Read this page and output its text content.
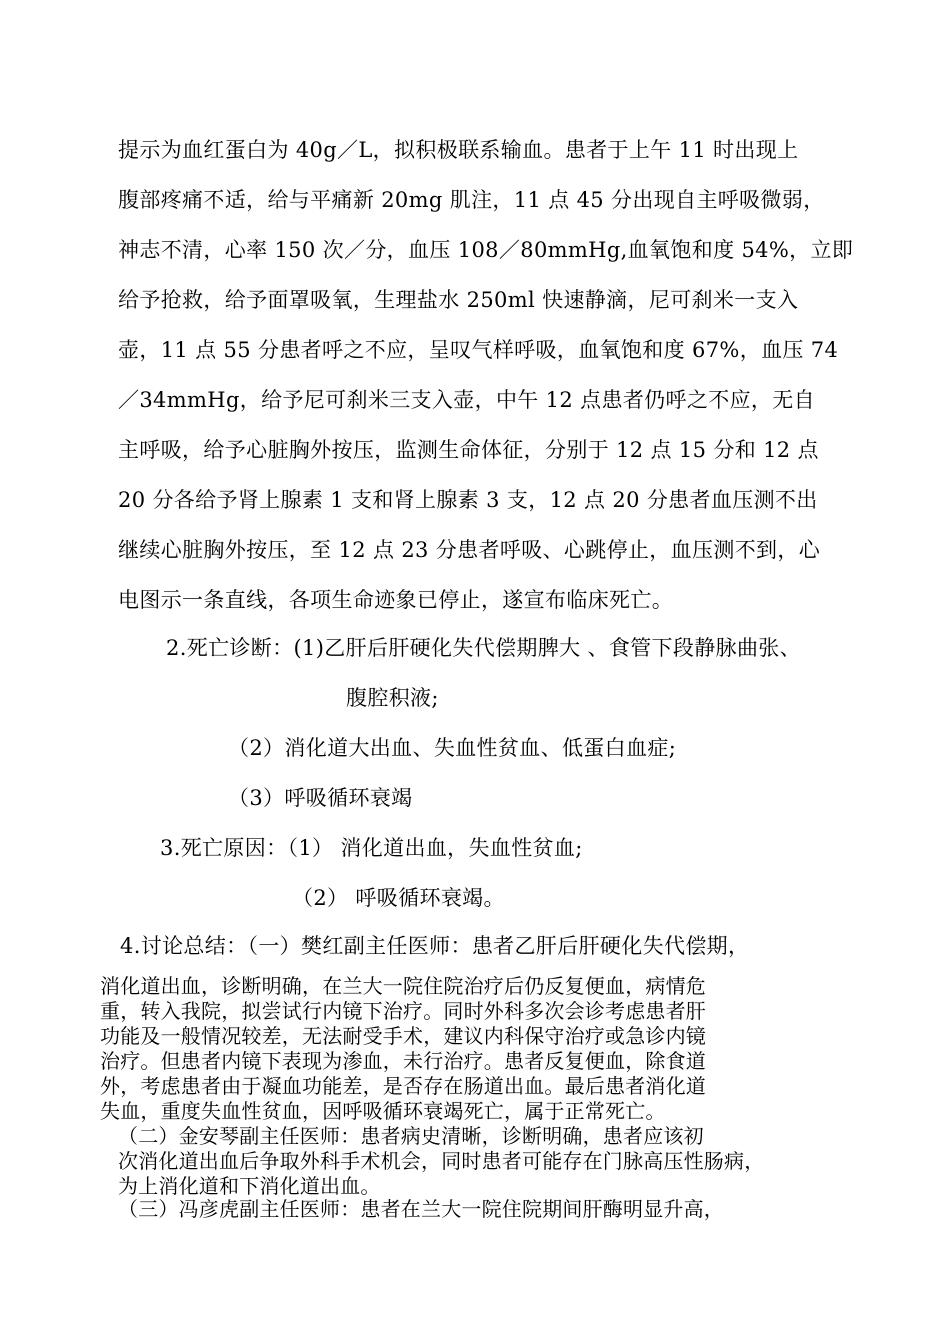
提示为血红蛋白为 40g／L，拟积极联系输血。患者于上午 11 时出现上
腹部疼痛不适，给与平痛新 20mg 肌注，11 点 45 分出现自主呼吸微弱，
神志不清，心率 150 次／分，血压 108／80mmHg,血氧饱和度 54%，立即
给予抢救，给予面罩吸氧，生理盐水 250ml 快速静滴，尼可刹米一支入
壶，11 点 55 分患者呼之不应，呈叹气样呼吸，血氧饱和度 67%，血压 74
／34mmHg，给予尼可刹米三支入壶，中午 12 点患者仍呼之不应，无自
主呼吸，给予心脏胸外按压，监测生命体征，分别于 12 点 15 分和 12 点
20 分各给予肾上腺素 1 支和肾上腺素 3 支，12 点 20 分患者血压测不出
继续心脏胸外按压，至 12 点 23 分患者呼吸、心跳停止，血压测不到，心
电图示一条直线，各项生命迹象已停止，遂宣布临床死亡。
2.死亡诊断：(1)乙肝后肝硬化失代偿期脾大 、食管下段静脉曲张、
腹腔积液;
（2）消化道大出血、失血性贫血、低蛋白血症;
（3）呼吸循环衰竭
3.死亡原因：（1） 消化道出血，失血性贫血;
（2） 呼吸循环衰竭。
4.讨论总结：（一）樊红副主任医师：患者乙肝后肝硬化失代偿期，
消化道出血，诊断明确，在兰大一院住院治疗后仍反复便血，病情危
重，转入我院，拟尝试行内镜下治疗。同时外科多次会诊考虑患者肝
功能及一般情况较差，无法耐受手术，建议内科保守治疗或急诊内镜
治疗。但患者内镜下表现为渗血，未行治疗。患者反复便血，除食道
外，考虑患者由于凝血功能差，是否存在肠道出血。最后患者消化道
失血，重度失血性贫血，因呼吸循环衰竭死亡，属于正常死亡。
（二）金安琴副主任医师：患者病史清晰，诊断明确，患者应该初
次消化道出血后争取外科手术机会，同时患者可能存在门脉高压性肠病，
为上消化道和下消化道出血。
（三）冯彦虎副主任医师：患者在兰大一院住院期间肝酶明显升高，
